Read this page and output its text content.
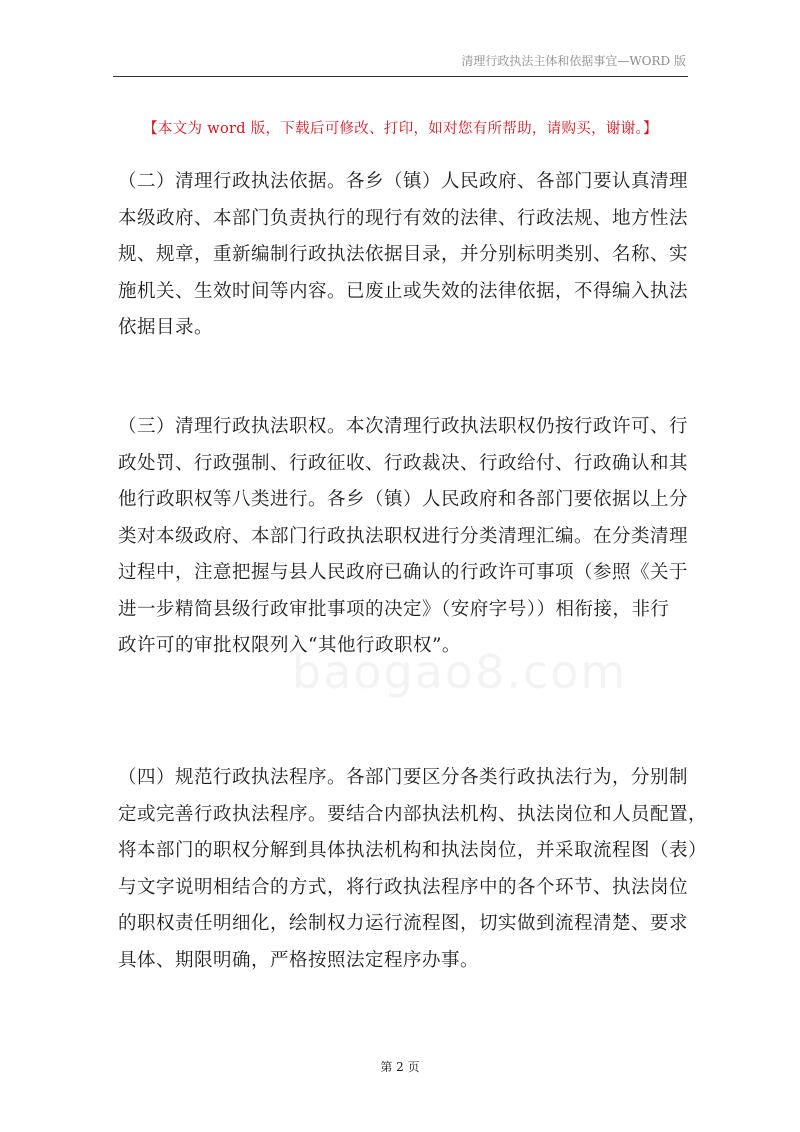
清理行政执法主体和依据事宜—WORD 版
【本文为 word 版，下载后可修改、打印，如对您有所帮助，请购买，谢谢。】
（二）清理行政执法依据。各乡（镇）人民政府、各部门要认真清理
本级政府、本部门负责执行的现行有效的法律、行政法规、地方性法
规、规章，重新编制行政执法依据目录，并分别标明类别、名称、实
施机关、生效时间等内容。已废止或失效的法律依据，不得编入执法
依据目录。
（三）清理行政执法职权。本次清理行政执法职权仍按行政许可、行
政处罚、行政强制、行政征收、行政裁决、行政给付、行政确认和其
他行政职权等八类进行。各乡（镇）人民政府和各部门要依据以上分
类对本级政府、本部门行政执法职权进行分类清理汇编。在分类清理
过程中，注意把握与县人民政府已确认的行政许可事项（参照《关于
进一步精简县级行政审批事项的决定》（安府字号））相衔接，非行
政许可的审批权限列入“其他行政职权”。
baogao8.com
（四）规范行政执法程序。各部门要区分各类行政执法行为，分别制
定或完善行政执法程序。要结合内部执法机构、执法岗位和人员配置，
将本部门的职权分解到具体执法机构和执法岗位，并采取流程图（表）
与文字说明相结合的方式，将行政执法程序中的各个环节、执法岗位
的职权责任明细化，绘制权力运行流程图，切实做到流程清楚、要求
具体、期限明确，严格按照法定程序办事。
第 2 页
